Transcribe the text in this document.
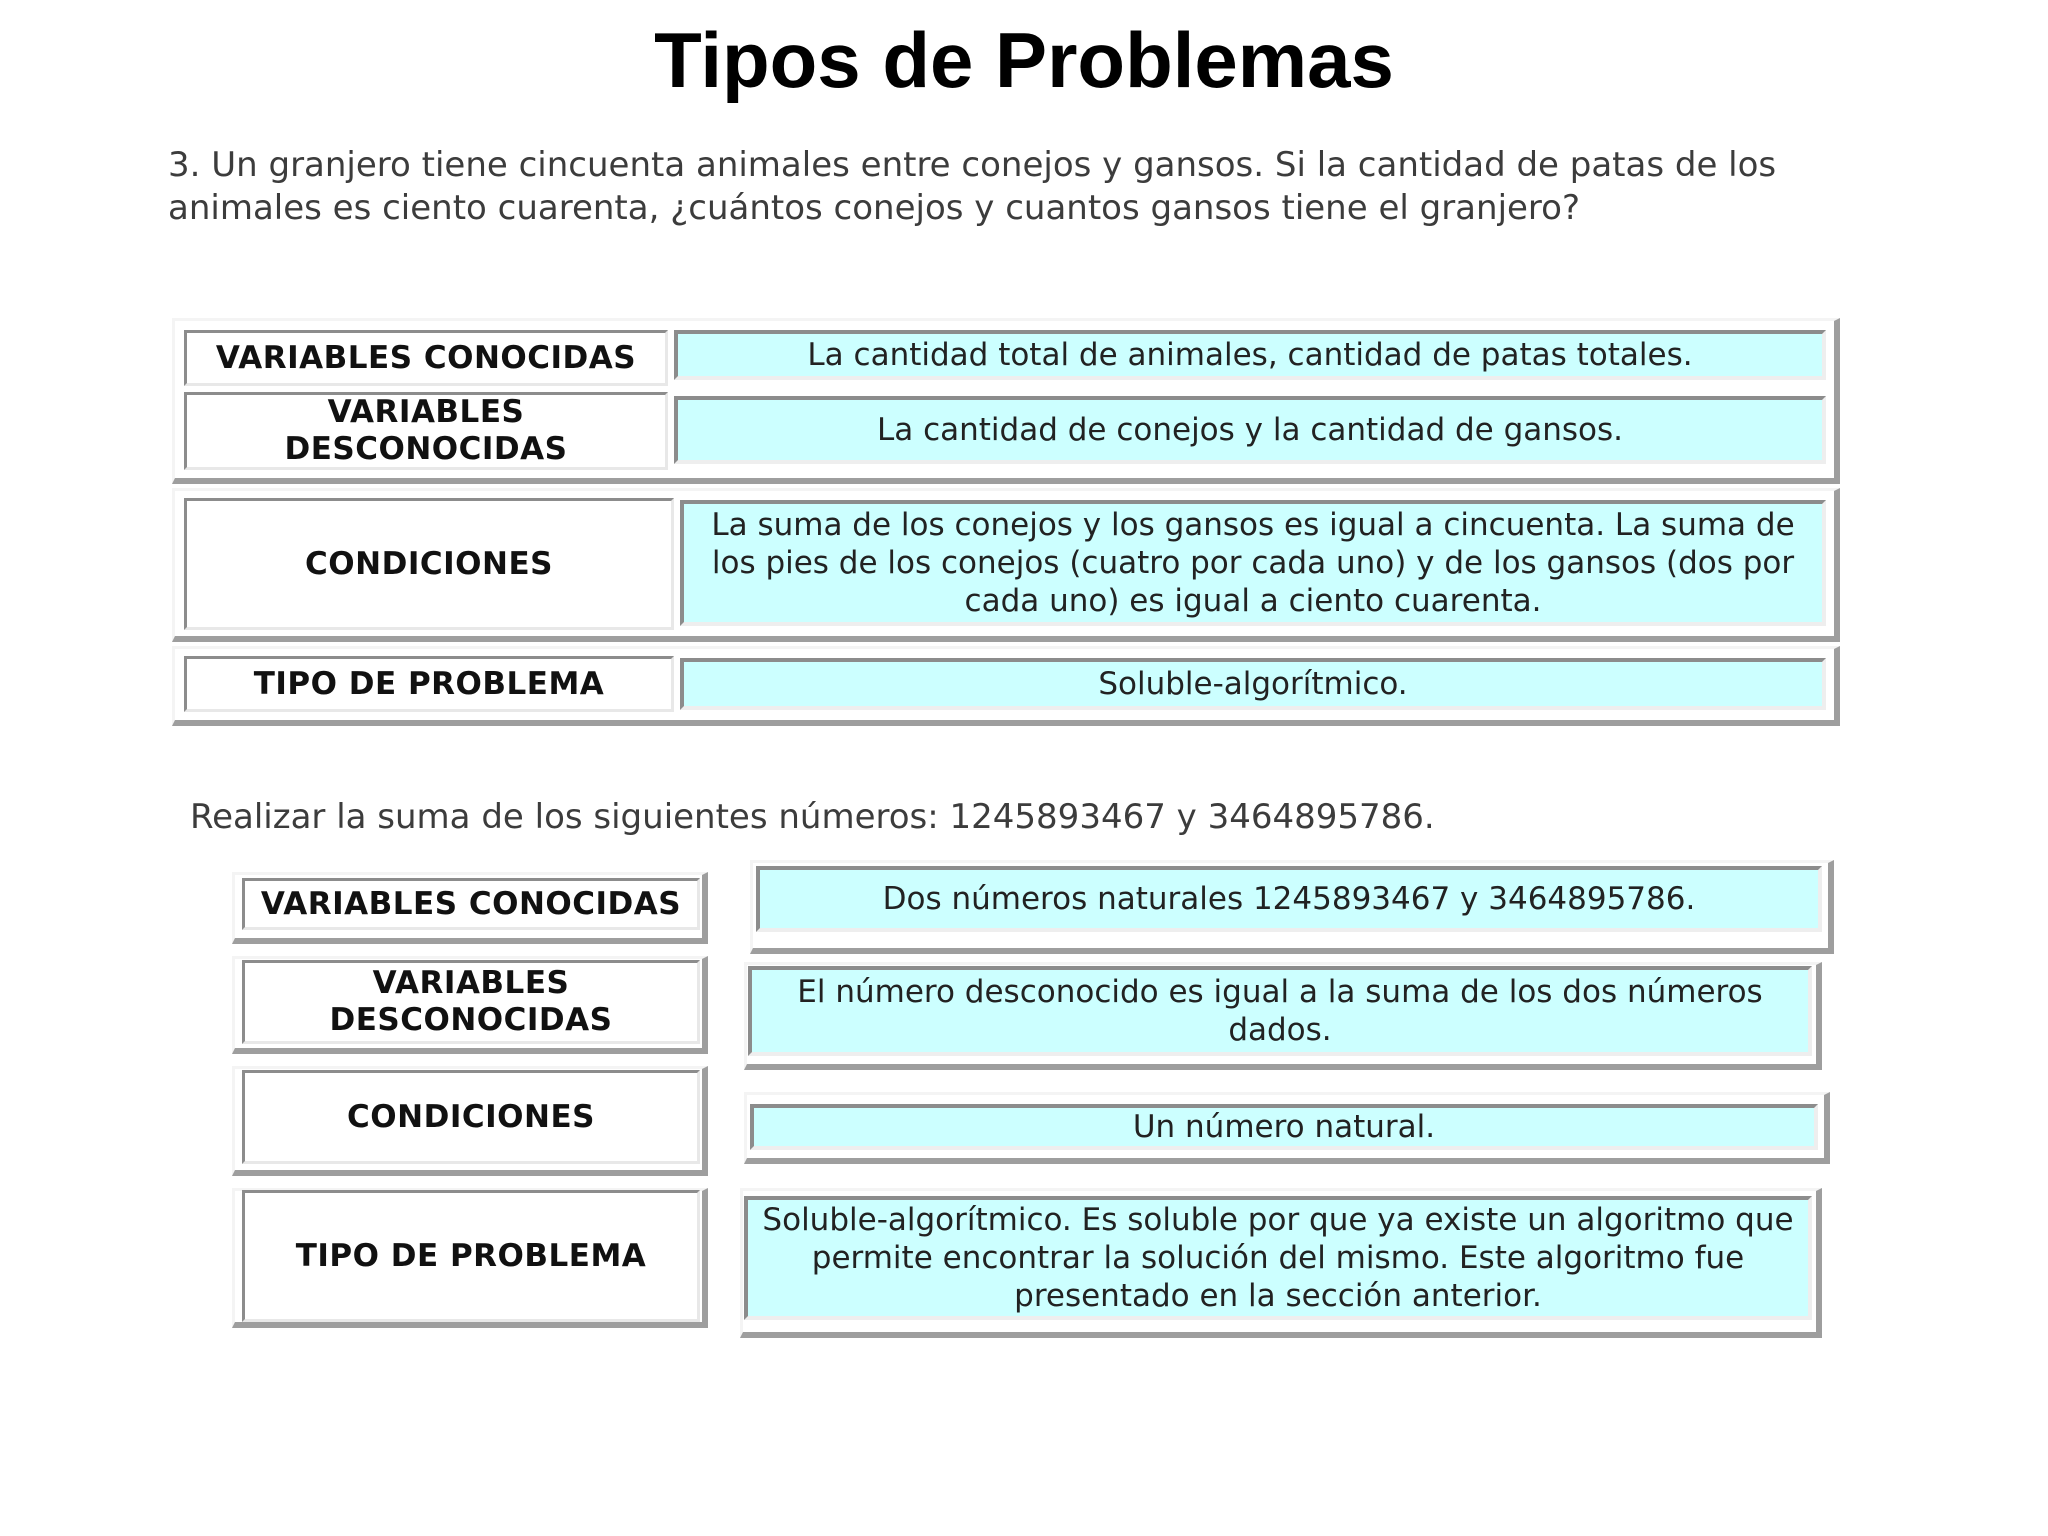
Tipos de Problemas
3. Un granjero tiene cincuenta animales entre conejos y gansos. Si la cantidad de patas de los animales es ciento cuarenta, ¿cuántos conejos y cuantos gansos tiene el granjero?
VARIABLES CONOCIDAS	La cantidad total de animales, cantidad de patas totales.
VARIABLES DESCONOCIDAS
La cantidad de conejos y la cantidad de gansos.
CONDICIONES
La suma de los conejos y los gansos es igual a cincuenta. La suma de los pies de los conejos (cuatro por cada uno) y de los gansos (dos por cada uno) es igual a ciento cuarenta.
TIPO DE PROBLEMA	Soluble-algorítmico.
Realizar la suma de los siguientes números: 1245893467 y 3464895786.
VARIABLES CONOCIDAS
VARIABLES DESCONOCIDAS
CONDICIONES
TIPO DE PROBLEMA
Dos números naturales 1245893467 y 3464895786.
El número desconocido es igual a la suma de los dos números dados.
Un número natural.
Soluble-algorítmico. Es soluble por que ya existe un algoritmo que permite encontrar la solución del mismo. Este algoritmo fue presentado en la sección anterior.
